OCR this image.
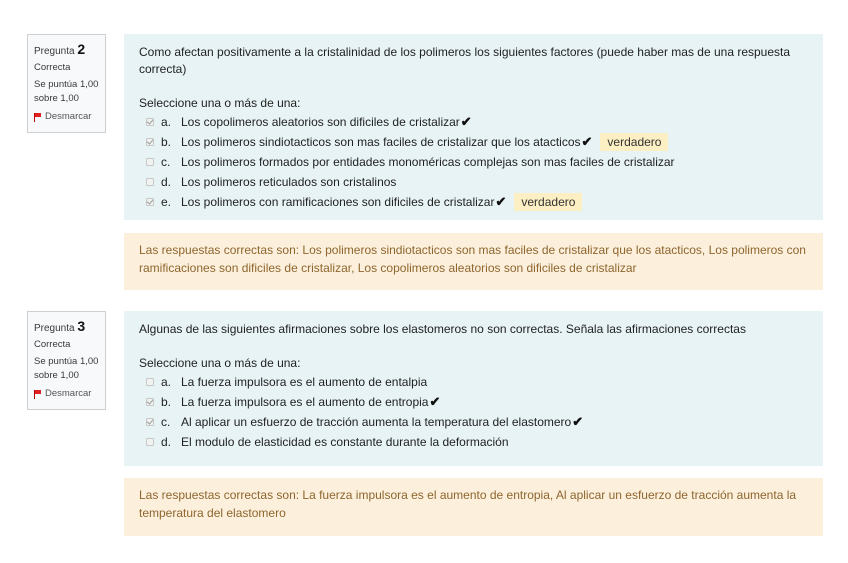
Pregunta 2
Correcta
Se puntúa 1,00 sobre 1,00
Desmarcar
Como afectan positivamente a la cristalinidad de los polimeros los siguientes factores (puede haber mas de una respuesta correcta)
Seleccione una o más de una:
a. Los copolimeros aleatorios son dificiles de cristalizar ✔
b. Los polimeros sindiotacticos son mas faciles de cristalizar que los atacticos ✔	verdadero
c. Los polimeros formados por entidades monoméricas complejas son mas faciles de cristalizar
d. Los polimeros reticulados son cristalinos
e. Los polimeros con ramificaciones son dificiles de cristalizar ✔	verdadero
Las respuestas correctas son: Los polimeros sindiotacticos son mas faciles de cristalizar que los atacticos, Los polimeros con ramificaciones son dificiles de cristalizar, Los copolimeros aleatorios son dificiles de cristalizar
Pregunta 3
Correcta
Se puntúa 1,00 sobre 1,00
Desmarcar
Algunas de las siguientes afirmaciones sobre los elastomeros no son correctas. Señala las afirmaciones correctas
Seleccione una o más de una:
a. La fuerza impulsora es el aumento de entalpia
b. La fuerza impulsora es el aumento de entropia ✔
c. Al aplicar un esfuerzo de tracción aumenta la temperatura del elastomero ✔
d. El modulo de elasticidad es constante durante la deformación
Las respuestas correctas son: La fuerza impulsora es el aumento de entropia, Al aplicar un esfuerzo de tracción aumenta la temperatura del elastomero
